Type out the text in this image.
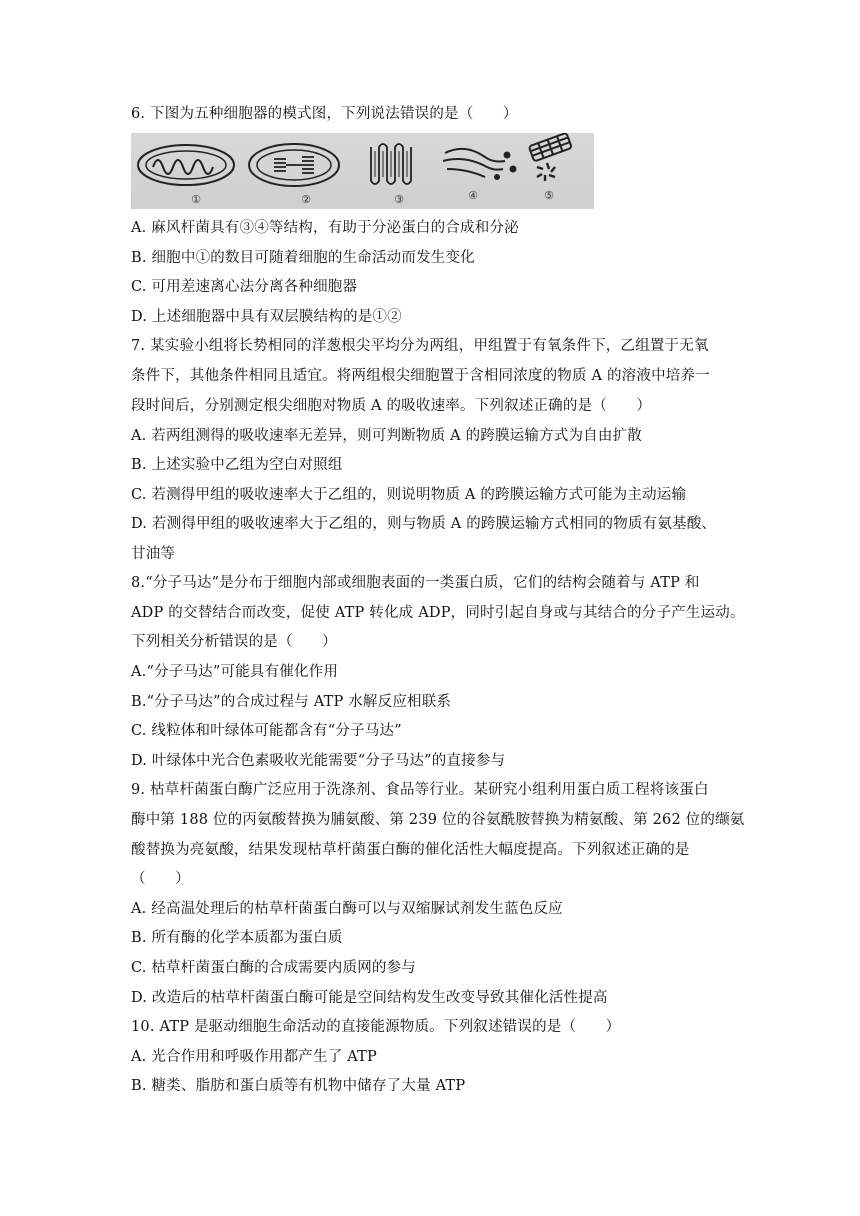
6. 下图为五种细胞器的模式图，下列说法错误的是（　　）
①	②	③	④	⑤
A. 麻风杆菌具有③④等结构，有助于分泌蛋白的合成和分泌
B. 细胞中①的数目可随着细胞的生命活动而发生变化
C. 可用差速离心法分离各种细胞器
D. 上述细胞器中具有双层膜结构的是①②
7. 某实验小组将长势相同的洋葱根尖平均分为两组，甲组置于有氧条件下，乙组置于无氧
条件下，其他条件相同且适宜。将两组根尖细胞置于含相同浓度的物质 A 的溶液中培养一
段时间后，分别测定根尖细胞对物质 A 的吸收速率。下列叙述正确的是（　　）
A. 若两组测得的吸收速率无差异，则可判断物质 A 的跨膜运输方式为自由扩散
B. 上述实验中乙组为空白对照组
C. 若测得甲组的吸收速率大于乙组的，则说明物质 A 的跨膜运输方式可能为主动运输
D. 若测得甲组的吸收速率大于乙组的，则与物质 A 的跨膜运输方式相同的物质有氨基酸、
甘油等
8.“分子马达”是分布于细胞内部或细胞表面的一类蛋白质，它们的结构会随着与 ATP 和
ADP 的交替结合而改变，促使 ATP 转化成 ADP，同时引起自身或与其结合的分子产生运动。
下列相关分析错误的是（　　）
A.“分子马达”可能具有催化作用
B.“分子马达”的合成过程与 ATP 水解反应相联系
C. 线粒体和叶绿体可能都含有“分子马达”
D. 叶绿体中光合色素吸收光能需要“分子马达”的直接参与
9. 枯草杆菌蛋白酶广泛应用于洗涤剂、食品等行业。某研究小组利用蛋白质工程将该蛋白
酶中第 188 位的丙氨酸替换为脯氨酸、第 239 位的谷氨酰胺替换为精氨酸、第 262 位的缬氨
酸替换为亮氨酸，结果发现枯草杆菌蛋白酶的催化活性大幅度提高。下列叙述正确的是
（　　）
A. 经高温处理后的枯草杆菌蛋白酶可以与双缩脲试剂发生蓝色反应
B. 所有酶的化学本质都为蛋白质
C. 枯草杆菌蛋白酶的合成需要内质网的参与
D. 改造后的枯草杆菌蛋白酶可能是空间结构发生改变导致其催化活性提高
10. ATP 是驱动细胞生命活动的直接能源物质。下列叙述错误的是（　　）
A. 光合作用和呼吸作用都产生了 ATP
B. 糖类、脂肪和蛋白质等有机物中储存了大量 ATP
